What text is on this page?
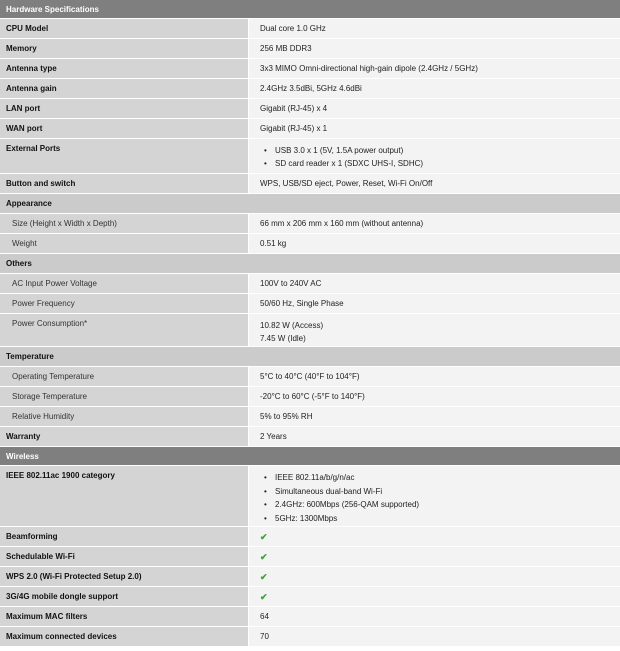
Hardware Specifications
CPU Model	Dual core 1.0 GHz
Memory	256 MB DDR3
Antenna type	3x3 MIMO Omni-directional high-gain dipole (2.4GHz / 5GHz)
Antenna gain	2.4GHz 3.5dBi, 5GHz 4.6dBi
LAN port	Gigabit (RJ-45) x 4
WAN port	Gigabit (RJ-45) x 1
External Ports	• USB 3.0 x 1 (5V, 1.5A power output)
• SD card reader x 1 (SDXC UHS-I, SDHC)
Button and switch	WPS, USB/SD eject, Power, Reset, Wi-Fi On/Off
Appearance
Size (Height x Width x Depth)	66 mm x 206 mm x 160 mm (without antenna)
Weight	0.51 kg
Others
AC Input Power Voltage	100V to 240V AC
Power Frequency	50/60 Hz, Single Phase
Power Consumption*	10.82 W (Access)
7.45 W (Idle)
Temperature
Operating Temperature	5°C to 40°C (40°F to 104°F)
Storage Temperature	-20°C to 60°C (-5°F to 140°F)
Relative Humidity	5% to 95% RH
Warranty	2 Years
Wireless
IEEE 802.11ac 1900 category	• IEEE 802.11a/b/g/n/ac
• Simultaneous dual-band Wi-Fi
• 2.4GHz: 600Mbps (256-QAM supported)
• 5GHz: 1300Mbps
Beamforming	✔
Schedulable Wi-Fi	✔
WPS 2.0 (Wi-Fi Protected Setup 2.0)	✔
3G/4G mobile dongle support	✔
Maximum MAC filters	64
Maximum connected devices	70
